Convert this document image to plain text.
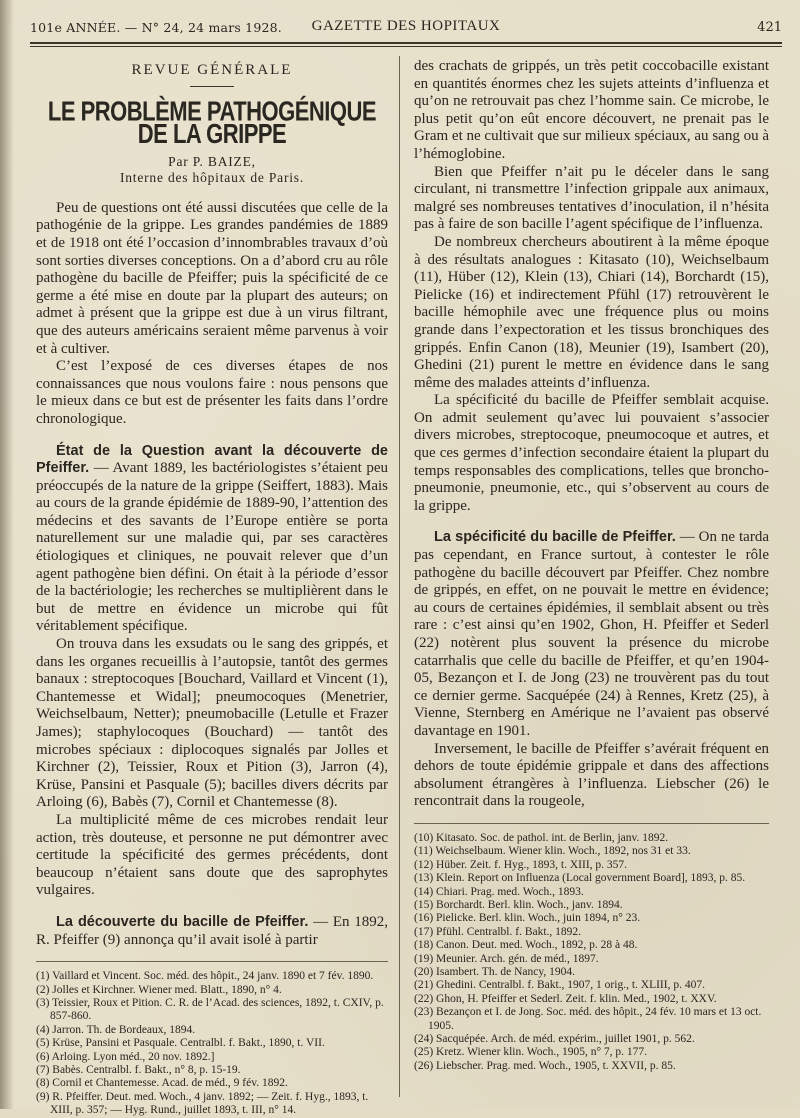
101e ANNÉE. — N° 24, 24 mars 1928.	GAZETTE DES HOPITAUX	421
REVUE GÉNÉRALE
LE PROBLÈME PATHOGÉNIQUE DE LA GRIPPE
Par P. BAIZE,
Interne des hôpitaux de Paris.

Peu de questions ont été aussi discutées que celle de la pathogénie de la grippe. Les grandes pandémies de 1889 et de 1918 ont été l’occasion d’innombrables travaux d’où sont sorties diverses conceptions. On a d’abord cru au rôle pathogène du bacille de Pfeiffer; puis la spécificité de ce germe a été mise en doute par la plupart des auteurs; on admet à présent que la grippe est due à un virus filtrant, que des auteurs américains seraient même parvenus à voir et à cultiver.

C’est l’exposé de ces diverses étapes de nos connaissances que nous voulons faire : nous pensons que le mieux dans ce but est de présenter les faits dans l’ordre chronologique.

État de la Question avant la découverte de Pfeiffer. — Avant 1889, les bactériologistes s’étaient peu préoccupés de la nature de la grippe (Seiffert, 1883). Mais au cours de la grande épidémie de 1889-90, l’attention des médecins et des savants de l’Europe entière se porta naturellement sur une maladie qui, par ses caractères étiologiques et cliniques, ne pouvait relever que d’un agent pathogène bien défini. On était à la période d’essor de la bactériologie; les recherches se multiplièrent dans le but de mettre en évidence un microbe qui fût véritablement spécifique.

On trouva dans les exsudats ou le sang des grippés, et dans les organes recueillis à l’autopsie, tantôt des germes banaux : streptocoques [Bouchard, Vaillard et Vincent (1), Chantemesse et Widal]; pneumocoques (Menetrier, Weichselbaum, Netter); pneumobacille (Letulle et Frazer James); staphylocoques (Bouchard) — tantôt des microbes spéciaux : diplocoques signalés par Jolles et Kirchner (2), Teissier, Roux et Pition (3), Jarron (4), Krüse, Pansini et Pasquale (5); bacilles divers décrits par Arloing (6), Babès (7), Cornil et Chantemesse (8).

La multiplicité même de ces microbes rendait leur action, très douteuse, et personne ne put démontrer avec certitude la spécificité des germes précédents, dont beaucoup n’étaient sans doute que des saprophytes vulgaires.

La découverte du bacille de Pfeiffer. — En 1892, R. Pfeiffer (9) annonça qu’il avait isolé à partir

(1) Vaillard et Vincent. Soc. méd. des hôpit., 24 janv. 1890 et 7 fév. 1890.
(2) Jolles et Kirchner. Wiener med. Blatt., 1890, n° 4.
(3) Teissier, Roux et Pition. C. R. de l’Acad. des sciences, 1892, t. CXIV, p. 857-860.
(4) Jarron. Th. de Bordeaux, 1894.
(5) Krüse, Pansini et Pasquale. Centralbl. f. Bakt., 1890, t. VII.
(6) Arloing. Lyon méd., 20 nov. 1892.]
(7) Babès. Centralbl. f. Bakt., n° 8, p. 15-19.
(8) Cornil et Chantemesse. Acad. de méd., 9 fév. 1892.
(9) R. Pfeiffer. Deut. med. Woch., 4 janv. 1892; — Zeit. f. Hyg., 1893, t. XIII, p. 357; — Hyg. Rund., juillet 1893, t. III, n° 14.

des crachats de grippés, un très petit coccobacille existant en quantités énormes chez les sujets atteints d’influenza et qu’on ne retrouvait pas chez l’homme sain. Ce microbe, le plus petit qu’on eût encore découvert, ne prenait pas le Gram et ne cultivait que sur milieux spéciaux, au sang ou à l’hémoglobine.

Bien que Pfeiffer n’ait pu le déceler dans le sang circulant, ni transmettre l’infection grippale aux animaux, malgré ses nombreuses tentatives d’inoculation, il n’hésita pas à faire de son bacille l’agent spécifique de l’influenza.

De nombreux chercheurs aboutirent à la même époque à des résultats analogues : Kitasato (10), Weichselbaum (11), Hüber (12), Klein (13), Chiari (14), Borchardt (15), Pielicke (16) et indirectement Pfühl (17) retrouvèrent le bacille hémophile avec une fréquence plus ou moins grande dans l’expectoration et les tissus bronchiques des grippés. Enfin Canon (18), Meunier (19), Isambert (20), Ghedini (21) purent le mettre en évidence dans le sang même des malades atteints d’influenza.

La spécificité du bacille de Pfeiffer semblait acquise. On admit seulement qu’avec lui pouvaient s’associer divers microbes, streptocoque, pneumocoque et autres, et que ces germes d’infection secondaire étaient la plupart du temps responsables des complications, telles que broncho-pneumonie, pneumonie, etc., qui s’observent au cours de la grippe.

La spécificité du bacille de Pfeiffer. — On ne tarda pas cependant, en France surtout, à contester le rôle pathogène du bacille découvert par Pfeiffer. Chez nombre de grippés, en effet, on ne pouvait le mettre en évidence; au cours de certaines épidémies, il semblait absent ou très rare : c’est ainsi qu’en 1902, Ghon, H. Pfeiffer et Sederl (22) notèrent plus souvent la présence du microbe catarrhalis que celle du bacille de Pfeiffer, et qu’en 1904-05, Bezançon et I. de Jong (23) ne trouvèrent pas du tout ce dernier germe. Sacquépée (24) à Rennes, Kretz (25), à Vienne, Sternberg en Amérique ne l’avaient pas observé davantage en 1901.

Inversement, le bacille de Pfeiffer s’avérait fréquent en dehors de toute épidémie grippale et dans des affections absolument étrangères à l’influenza. Liebscher (26) le rencontrait dans la rougeole,

(10) Kitasato. Soc. de pathol. int. de Berlin, janv. 1892.
(11) Weichselbaum. Wiener klin. Woch., 1892, nos 31 et 33.
(12) Hüber. Zeit. f. Hyg., 1893, t. XIII, p. 357.
(13) Klein. Report on Influenza (Local government Board], 1893, p. 85.
(14) Chiari. Prag. med. Woch., 1893.
(15) Borchardt. Berl. klin. Woch., janv. 1894.
(16) Pielicke. Berl. klin. Woch., juin 1894, n° 23.
(17) Pfühl. Centralbl. f. Bakt., 1892.
(18) Canon. Deut. med. Woch., 1892, p. 28 à 48.
(19) Meunier. Arch. gén. de méd., 1897.
(20) Isambert. Th. de Nancy, 1904.
(21) Ghedini. Centralbl. f. Bakt., 1907, 1 orig., t. XLIII, p. 407.
(22) Ghon, H. Pfeiffer et Sederl. Zeit. f. klin. Med., 1902, t. XXV.
(23) Bezançon et I. de Jong. Soc. méd. des hôpit., 24 fév. 10 mars et 13 oct. 1905.
(24) Sacquépée. Arch. de méd. expérim., juillet 1901, p. 562.
(25) Kretz. Wiener klin. Woch., 1905, n° 7, p. 177.
(26) Liebscher. Prag. med. Woch., 1905, t. XXVII, p. 85.
